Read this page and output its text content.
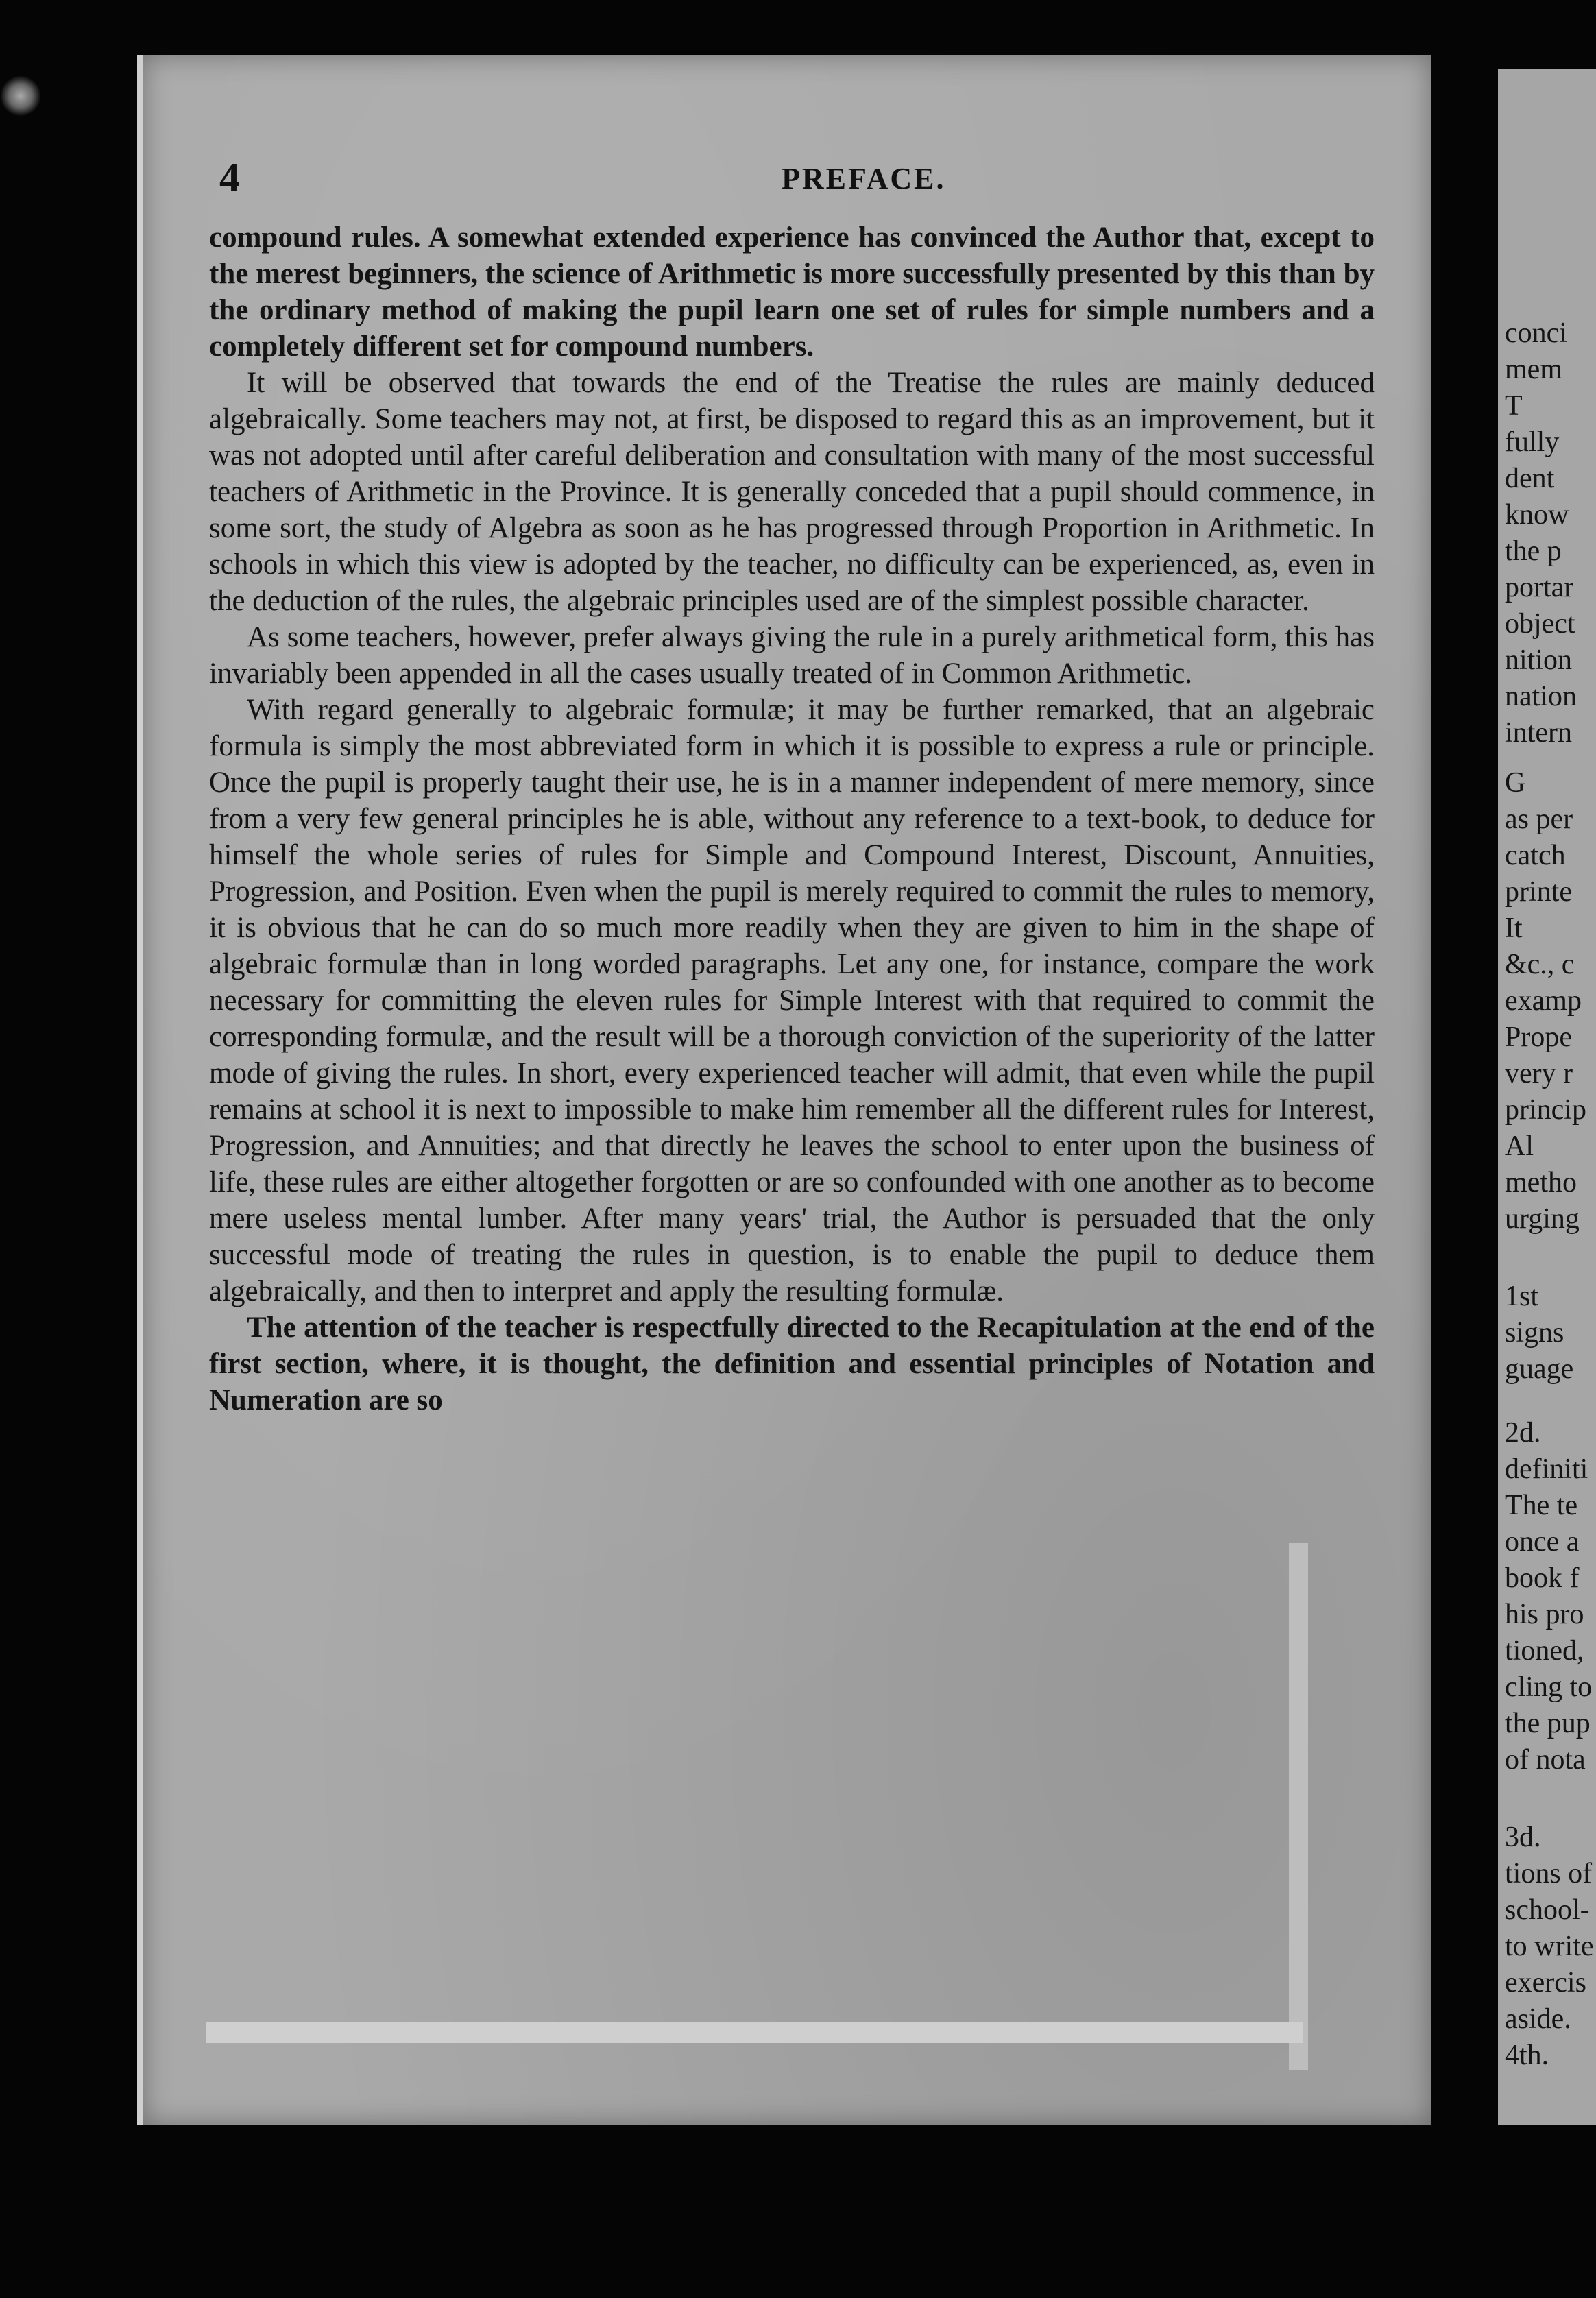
4	PREFACE.

compound rules. A somewhat extended experience has convinced the Author that, except to the merest beginners, the science of Arithmetic is more successfully presented by this than by the ordinary method of making the pupil learn one set of rules for simple numbers and a completely different set for compound numbers.

It will be observed that towards the end of the Treatise the rules are mainly deduced algebraically. Some teachers may not, at first, be disposed to regard this as an improvement, but it was not adopted until after careful deliberation and consultation with many of the most successful teachers of Arithmetic in the Province. It is generally conceded that a pupil should commence, in some sort, the study of Algebra as soon as he has progressed through Proportion in Arithmetic. In schools in which this view is adopted by the teacher, no difficulty can be experienced, as, even in the deduction of the rules, the algebraic principles used are of the simplest possible character.

As some teachers, however, prefer always giving the rule in a purely arithmetical form, this has invariably been appended in all the cases usually treated of in Common Arithmetic.

With regard generally to algebraic formulæ; it may be further remarked, that an algebraic formula is simply the most abbreviated form in which it is possible to express a rule or principle. Once the pupil is properly taught their use, he is in a manner independent of mere memory, since from a very few general principles he is able, without any reference to a text-book, to deduce for himself the whole series of rules for Simple and Compound Interest, Discount, Annuities, Progression, and Position. Even when the pupil is merely required to commit the rules to memory, it is obvious that he can do so much more readily when they are given to him in the shape of algebraic formulæ than in long worded paragraphs. Let any one, for instance, compare the work necessary for committing the eleven rules for Simple Interest with that required to commit the corresponding formulæ, and the result will be a thorough conviction of the superiority of the latter mode of giving the rules. In short, every experienced teacher will admit, that even while the pupil remains at school it is next to impossible to make him remember all the different rules for Interest, Progression, and Annuities; and that directly he leaves the school to enter upon the business of life, these rules are either altogether forgotten or are so confounded with one another as to become mere useless mental lumber. After many years' trial, the Author is persuaded that the only successful mode of treating the rules in question, is to enable the pupil to deduce them algebraically, and then to interpret and apply the resulting formulæ.

The attention of the teacher is respectfully directed to the Recapitulation at the end of the first section, where, it is thought, the definition and essential principles of Notation and Numeration are so

conci
mem
T
fully
dent
know
the p
portar
object
nition
nation
intern
G
as per
catch
printe
It
&c., c
examp
Prope
very r
princip
Al
metho
urging
1st
signs
guage
2d.
definiti
The te
once a
book f
his pro
tioned,
cling to
the pup
of nota
3d.
tions of
school-
to write
exercis
aside.
4th.
